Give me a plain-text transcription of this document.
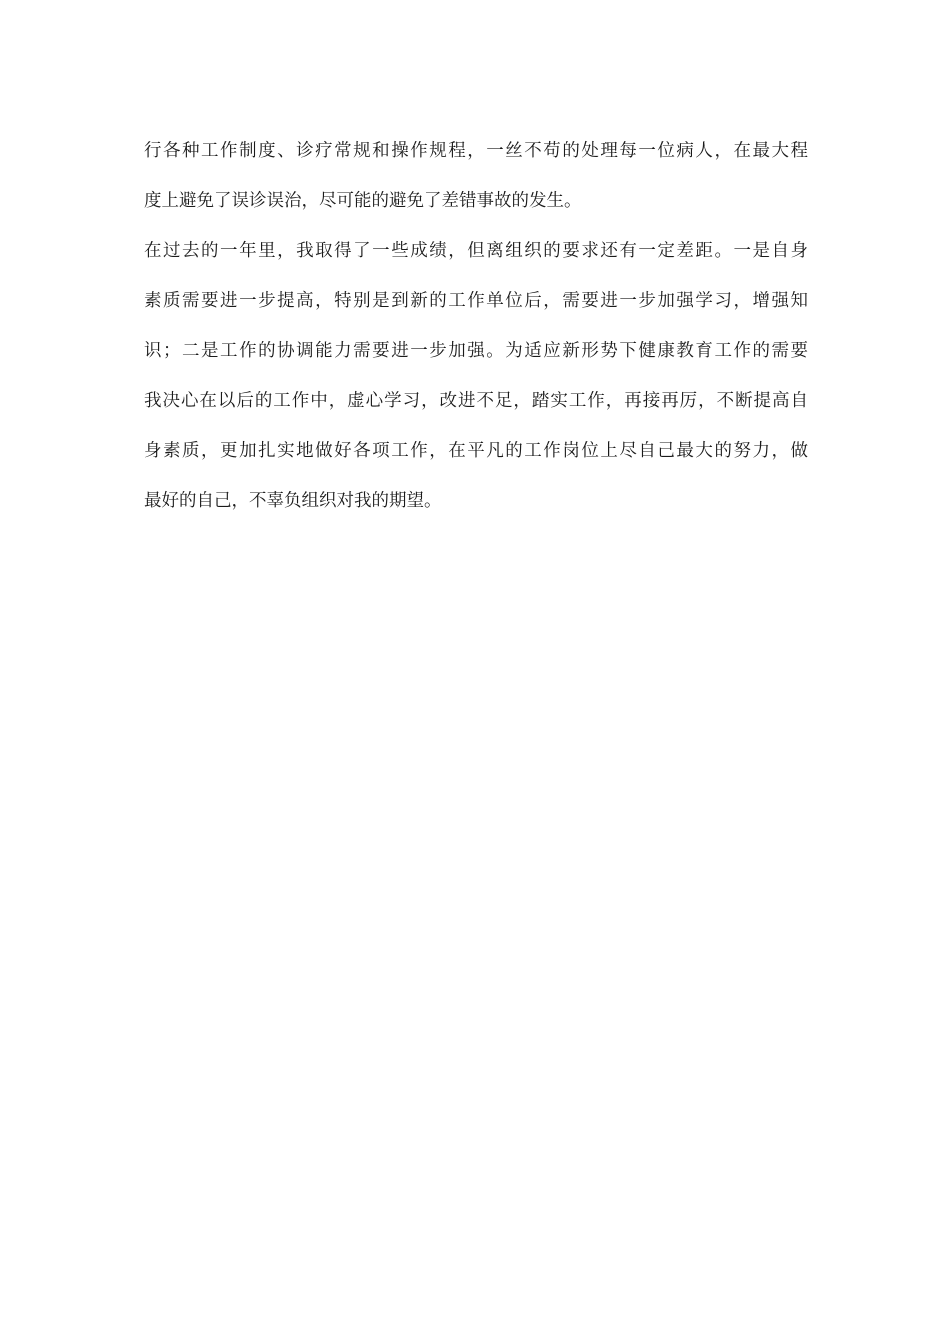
行各种工作制度、诊疗常规和操作规程，一丝不苟的处理每一位病人，在最大程
度上避免了误诊误治，尽可能的避免了差错事故的发生。
在过去的一年里，我取得了一些成绩，但离组织的要求还有一定差距。一是自身
素质需要进一步提高，特别是到新的工作单位后，需要进一步加强学习，增强知
识；二是工作的协调能力需要进一步加强。为适应新形势下健康教育工作的需要
我决心在以后的工作中，虚心学习，改进不足，踏实工作，再接再厉，不断提高自
身素质，更加扎实地做好各项工作，在平凡的工作岗位上尽自己最大的努力，做
最好的自己，不辜负组织对我的期望。
